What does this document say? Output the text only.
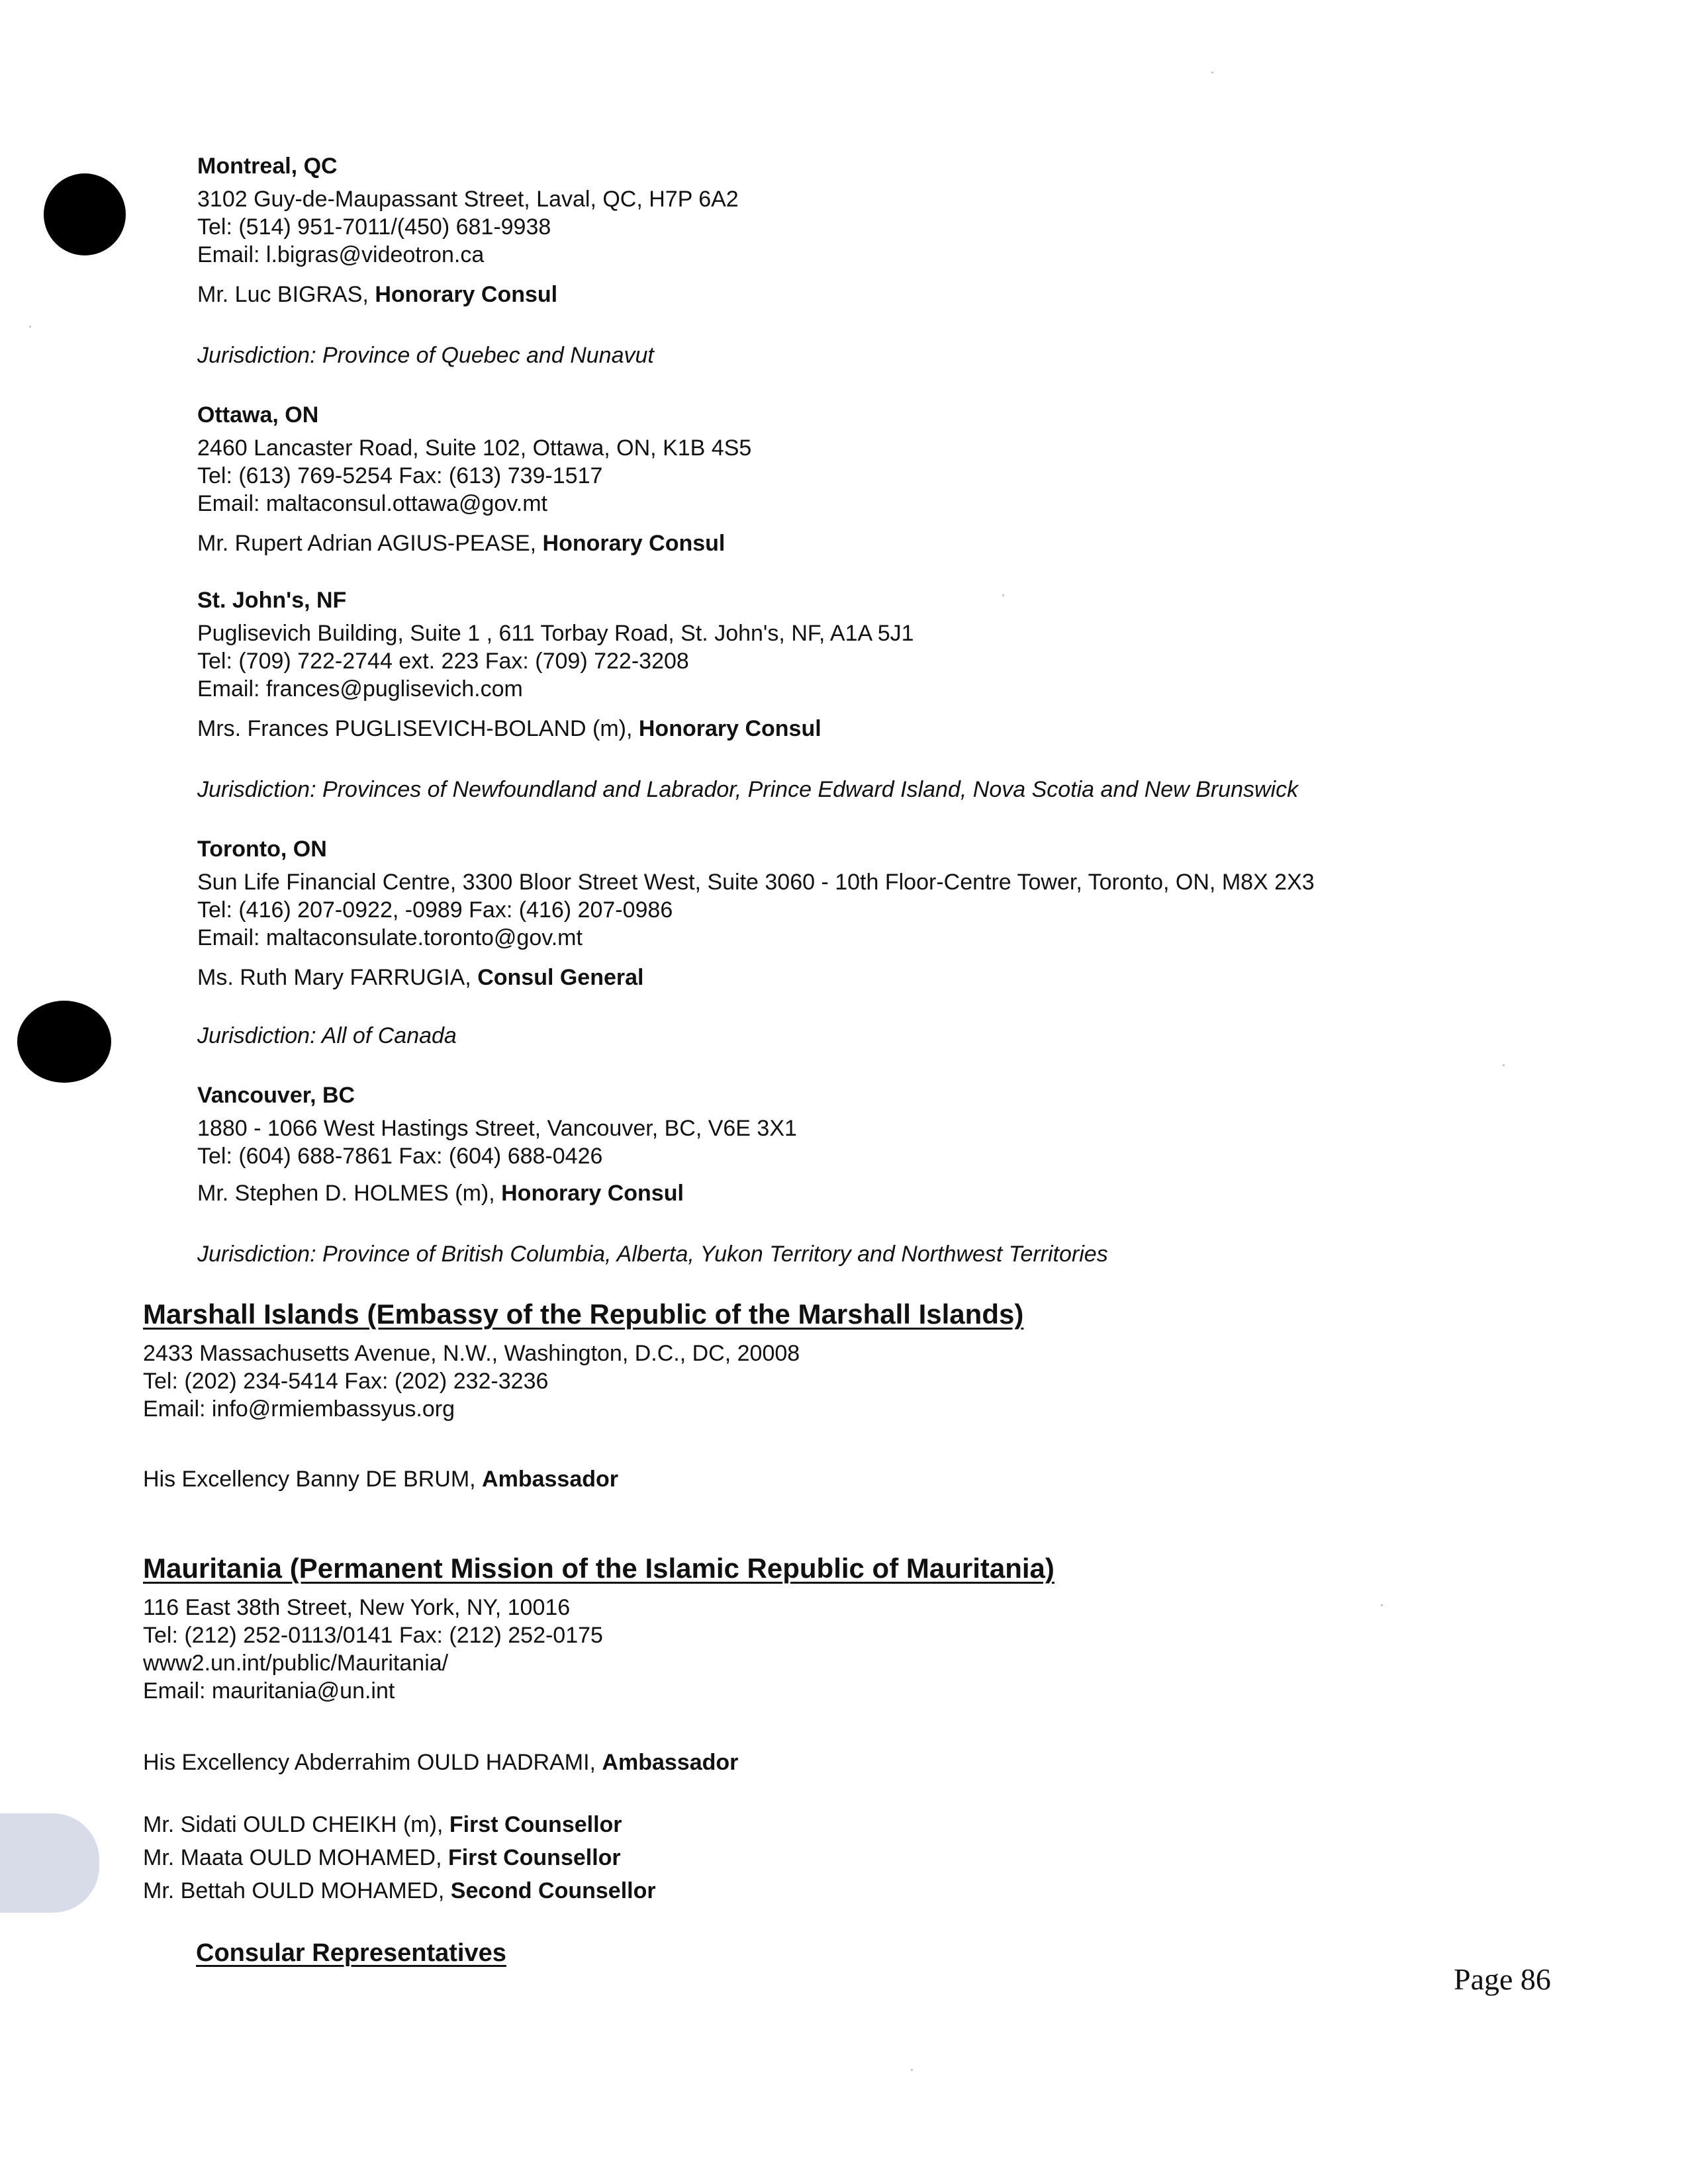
Montreal, QC
3102 Guy-de-Maupassant Street, Laval, QC, H7P 6A2
Tel: (514) 951-7011/(450) 681-9938
Email: l.bigras@videotron.ca
Mr. Luc BIGRAS, Honorary Consul
Jurisdiction: Province of Quebec and Nunavut
Ottawa, ON
2460 Lancaster Road, Suite 102, Ottawa, ON, K1B 4S5
Tel: (613) 769-5254 Fax: (613) 739-1517
Email: maltaconsul.ottawa@gov.mt
Mr. Rupert Adrian AGIUS-PEASE, Honorary Consul
St. John's, NF
Puglisevich Building, Suite 1 , 611 Torbay Road, St. John's, NF, A1A 5J1
Tel: (709) 722-2744 ext. 223 Fax: (709) 722-3208
Email: frances@puglisevich.com
Mrs. Frances PUGLISEVICH-BOLAND (m), Honorary Consul
Jurisdiction: Provinces of Newfoundland and Labrador, Prince Edward Island, Nova Scotia and New Brunswick
Toronto, ON
Sun Life Financial Centre, 3300 Bloor Street West, Suite 3060 - 10th Floor-Centre Tower, Toronto, ON, M8X 2X3
Tel: (416) 207-0922, -0989 Fax: (416) 207-0986
Email: maltaconsulate.toronto@gov.mt
Ms. Ruth Mary FARRUGIA, Consul General
Jurisdiction: All of Canada
Vancouver, BC
1880 - 1066 West Hastings Street, Vancouver, BC, V6E 3X1
Tel: (604) 688-7861 Fax: (604) 688-0426
Mr. Stephen D. HOLMES (m), Honorary Consul
Jurisdiction: Province of British Columbia, Alberta, Yukon Territory and Northwest Territories
Marshall Islands (Embassy of the Republic of the Marshall Islands)
2433 Massachusetts Avenue, N.W., Washington, D.C., DC, 20008
Tel: (202) 234-5414 Fax: (202) 232-3236
Email: info@rmiembassyus.org
His Excellency Banny DE BRUM, Ambassador
Mauritania (Permanent Mission of the Islamic Republic of Mauritania)
116 East 38th Street, New York, NY, 10016
Tel: (212) 252-0113/0141 Fax: (212) 252-0175
www2.un.int/public/Mauritania/
Email: mauritania@un.int
His Excellency Abderrahim OULD HADRAMI, Ambassador
Mr. Sidati OULD CHEIKH (m), First Counsellor
Mr. Maata OULD MOHAMED, First Counsellor
Mr. Bettah OULD MOHAMED, Second Counsellor
Consular Representatives
Page 86
